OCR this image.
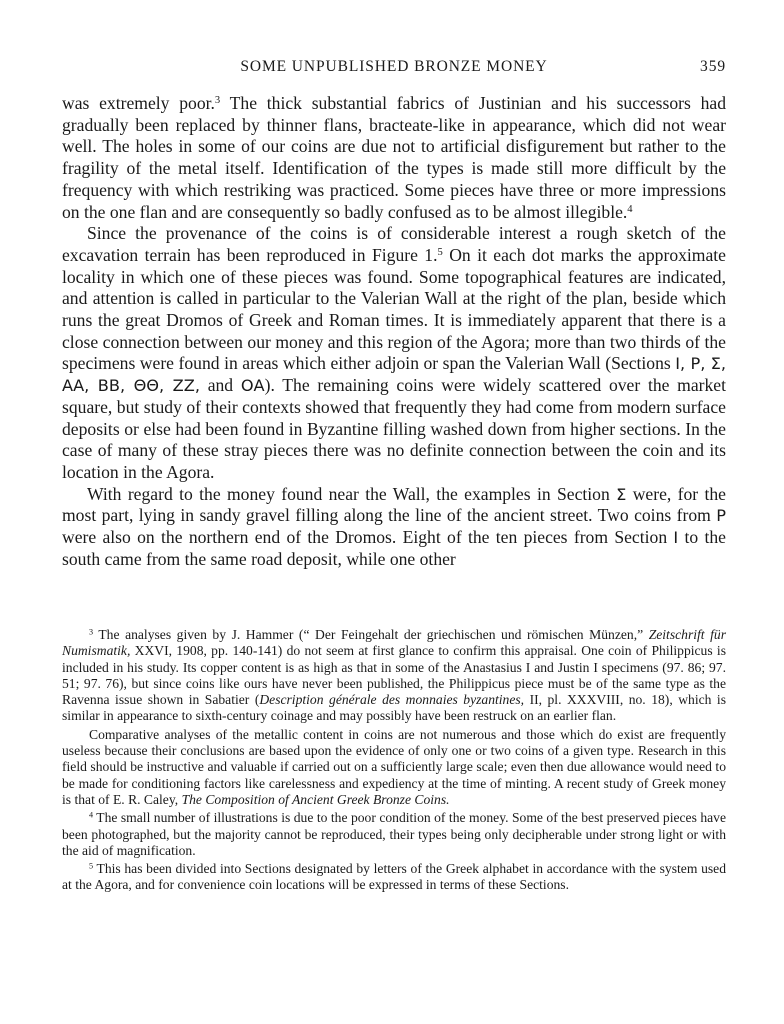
SOME UNPUBLISHED BRONZE MONEY	359

was extremely poor.$^3$ The thick substantial fabrics of Justinian and his successors had gradually been replaced by thinner flans, bracteate-like in appearance, which did not wear well. The holes in some of our coins are due not to artificial disfigurement but rather to the fragility of the metal itself. Identification of the types is made still more difficult by the frequency with which restriking was practiced. Some pieces have three or more impressions on the one flan and are consequently so badly confused as to be almost illegible.$^4$

Since the provenance of the coins is of considerable interest a rough sketch of the excavation terrain has been reproduced in Figure 1.$^5$ On it each dot marks the approximate locality in which one of these pieces was found. Some topographical features are indicated, and attention is called in particular to the Valerian Wall at the right of the plan, beside which runs the great Dromos of Greek and Roman times. It is immediately apparent that there is a close connection between our money and this region of the Agora; more than two thirds of the specimens were found in areas which either adjoin or span the Valerian Wall (Sections Ι, Ρ, Σ, ΑΑ, ΒΒ, ΘΘ, ΖΖ, and ΟΑ). The remaining coins were widely scattered over the market square, but study of their contexts showed that frequently they had come from modern surface deposits or else had been found in Byzantine filling washed down from higher sections. In the case of many of these stray pieces there was no definite connection between the coin and its location in the Agora.

With regard to the money found near the Wall, the examples in Section Σ were, for the most part, lying in sandy gravel filling along the line of the ancient street. Two coins from Ρ were also on the northern end of the Dromos. Eight of the ten pieces from Section Ι to the south came from the same road deposit, while one other

$^3$ The analyses given by J. Hammer (“ Der Feingehalt der griechischen und römischen Münzen,” Zeitschrift für Numismatik, XXVI, 1908, pp. 140-141) do not seem at first glance to confirm this appraisal. One coin of Philippicus is included in his study. Its copper content is as high as that in some of the Anastasius I and Justin I specimens (97. 86; 97. 51; 97. 76), but since coins like ours have never been published, the Philippicus piece must be of the same type as the Ravenna issue shown in Sabatier (Description générale des monnaies byzantines, II, pl. XXXVIII, no. 18), which is similar in appearance to sixth-century coinage and may possibly have been restruck on an earlier flan.

Comparative analyses of the metallic content in coins are not numerous and those which do exist are frequently useless because their conclusions are based upon the evidence of only one or two coins of a given type. Research in this field should be instructive and valuable if carried out on a sufficiently large scale; even then due allowance would need to be made for conditioning factors like carelessness and expediency at the time of minting. A recent study of Greek money is that of E. R. Caley, The Composition of Ancient Greek Bronze Coins.

$^4$ The small number of illustrations is due to the poor condition of the money. Some of the best preserved pieces have been photographed, but the majority cannot be reproduced, their types being only decipherable under strong light or with the aid of magnification.

$^5$ This has been divided into Sections designated by letters of the Greek alphabet in accordance with the system used at the Agora, and for convenience coin locations will be expressed in terms of these Sections.
